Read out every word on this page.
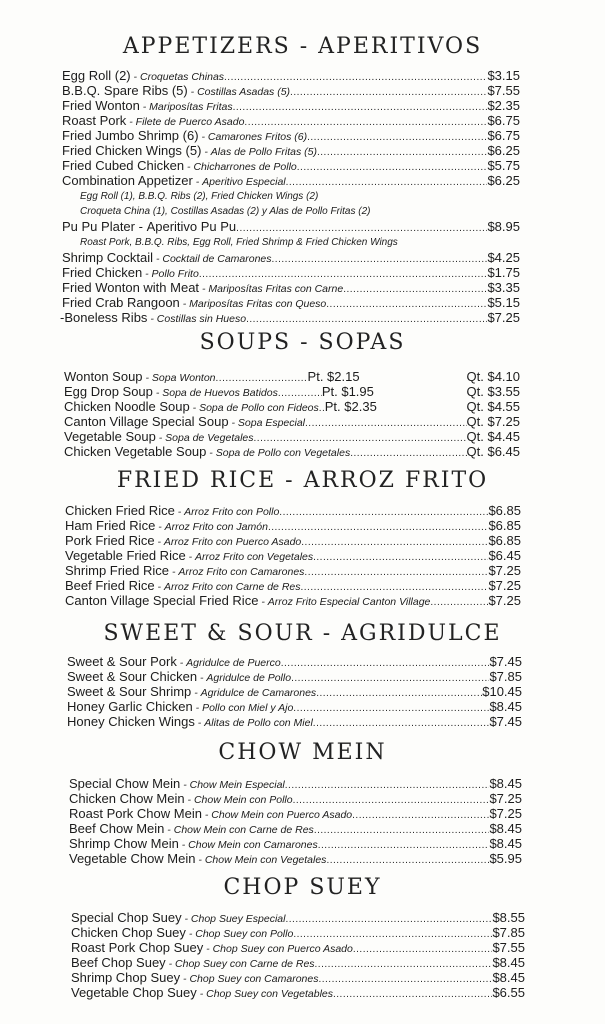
APPETIZERS - APERITIVOS
Egg Roll (2) - Croquetas Chinas .....	$3.15
B.B.Q. Spare Ribs (5) - Costillas Asadas (5) .....	$7.55
Fried Wonton - Mariposítas Fritas .....	$2.35
Roast Pork - Filete de Puerco Asado .....	$6.75
Fried Jumbo Shrimp (6) - Camarones Fritos (6) .....	$6.75
Fried Chicken Wings (5) - Alas de Pollo Fritas (5) .....	$6.25
Fried Cubed Chicken - Chicharrones de Pollo .....	$5.75
Combination Appetizer - Aperitivo Especial .....	$6.25
Egg Roll (1), B.B.Q. Ribs (2), Fried Chicken Wings (2)
Croqueta China (1), Costillas Asadas (2) y Alas de Pollo Fritas (2)
Pu Pu Plater - Aperitivo Pu Pu .....	$8.95
Roast Pork, B.B.Q. Ribs, Egg Roll, Fried Shrimp & Fried Chicken Wings
Shrimp Cocktail - Cocktail de Camarones .....	$4.25
Fried Chicken - Pollo Frito .....	$1.75
Fried Wonton with Meat - Mariposítas Fritas con Carne .....	$3.35
Fried Crab Rangoon - Mariposítas Fritas con Queso .....	$5.15
-Boneless Ribs - Costillas sin Hueso .....	$7.25
SOUPS - SOPAS
Wonton Soup - Sopa Wonton .....	Pt. $2.15	Qt. $4.10
Egg Drop Soup - Sopa de Huevos Batidos .....	Pt. $1.95	Qt. $3.55
Chicken Noodle Soup - Sopa de Pollo con Fideos ..... Pt. $2.35	Qt. $4.55
Canton Village Special Soup - Sopa Especial .....	Qt. $7.25
Vegetable Soup - Sopa de Vegetales .....	Qt. $4.45
Chicken Vegetable Soup - Sopa de Pollo con Vegetales .....	Qt. $6.45
FRIED RICE - ARROZ FRITO
Chicken Fried Rice - Arroz Frito con Pollo .....	$6.85
Ham Fried Rice - Arroz Frito con Jamón .....	$6.85
Pork Fried Rice - Arroz Frito con Puerco Asado .....	$6.85
Vegetable Fried Rice - Arroz Frito con Vegetales .....	$6.45
Shrimp Fried Rice - Arroz Frito con Camarones .....	$7.25
Beef Fried Rice - Arroz Frito con Carne de Res .....	$7.25
Canton Village Special Fried Rice - Arroz Frito Especial Canton Village .....	$7.25
SWEET & SOUR - AGRIDULCE
Sweet & Sour Pork - Agridulce de Puerco .....	$7.45
Sweet & Sour Chicken - Agridulce de Pollo .....	$7.85
Sweet & Sour Shrimp - Agridulce de Camarones .....	$10.45
Honey Garlic Chicken - Pollo con Miel y Ajo .....	$8.45
Honey Chicken Wings - Alitas de Pollo con Miel .....	$7.45
CHOW MEIN
Special Chow Mein - Chow Mein Especial .....	$8.45
Chicken Chow Mein - Chow Mein con Pollo .....	$7.25
Roast Pork Chow Mein - Chow Mein con Puerco Asado .....	$7.25
Beef Chow Mein - Chow Mein con Carne de Res .....	$8.45
Shrimp Chow Mein - Chow Mein con Camarones .....	$8.45
Vegetable Chow Mein - Chow Mein con Vegetales .....	$5.95
CHOP SUEY
Special Chop Suey - Chop Suey Especial .....	$8.55
Chicken Chop Suey - Chop Suey con Pollo .....	$7.85
Roast Pork Chop Suey - Chop Suey con Puerco Asado .....	$7.55
Beef Chop Suey - Chop Suey con Carne de Res .....	$8.45
Shrimp Chop Suey - Chop Suey con Camarones .....	$8.45
Vegetable Chop Suey - Chop Suey con Vegetables .....	$6.55
